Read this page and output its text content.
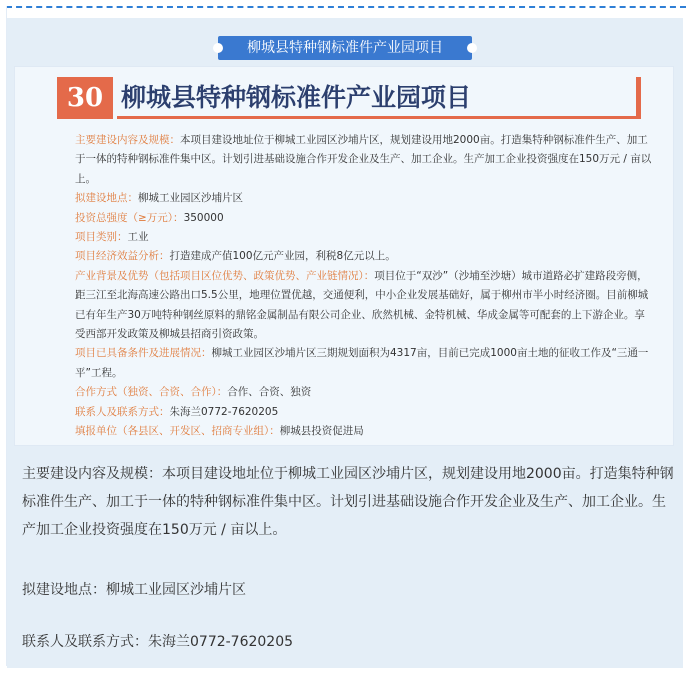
柳城县特种钢标准件产业园项目
30 柳城县特种钢标准件产业园项目

主要建设内容及规模：本项目建设地址位于柳城工业园区沙埔片区，规划建设用地2000亩。打造集特种钢标准件生产、加工于一体的特种钢标准件集中区。计划引进基础设施合作开发企业及生产、加工企业。生产加工企业投资强度在150万元 / 亩以上。

拟建设地点：柳城工业园区沙埔片区

投资总强度（≥万元）：350000

项目类别：工业

项目经济效益分析：打造建成产值100亿元产业园，利税8亿元以上。

产业背景及优势（包括项目区位优势、政策优势、产业链情况）：项目位于“双沙”（沙埔至沙塘）城市道路必扩建路段旁侧，距三江至北海高速公路出口5.5公里，地理位置优越，交通便利，中小企业发展基础好，属于柳州市半小时经济圈。目前柳城已有年生产30万吨特种钢丝原料的鼎铭金属制品有限公司企业、欣然机械、金特机械、华成金属等可配套的上下游企业。享受西部开发政策及柳城县招商引资政策。

项目已具备条件及进展情况：柳城工业园区沙埔片区三期规划面积为4317亩，目前已完成1000亩土地的征收工作及“三通一平”工程。

合作方式（独资、合资、合作）：合作、合资、独资

联系人及联系方式：朱海兰0772-7620205

填报单位（各县区、开发区、招商专业组）：柳城县投资促进局

主要建设内容及规模：本项目建设地址位于柳城工业园区沙埔片区，规划建设用地2000亩。打造集特种钢标准件生产、加工于一体的特种钢标准件集中区。计划引进基础设施合作开发企业及生产、加工企业。生产加工企业投资强度在150万元 / 亩以上。

拟建设地点：柳城工业园区沙埔片区

联系人及联系方式：朱海兰0772-7620205
